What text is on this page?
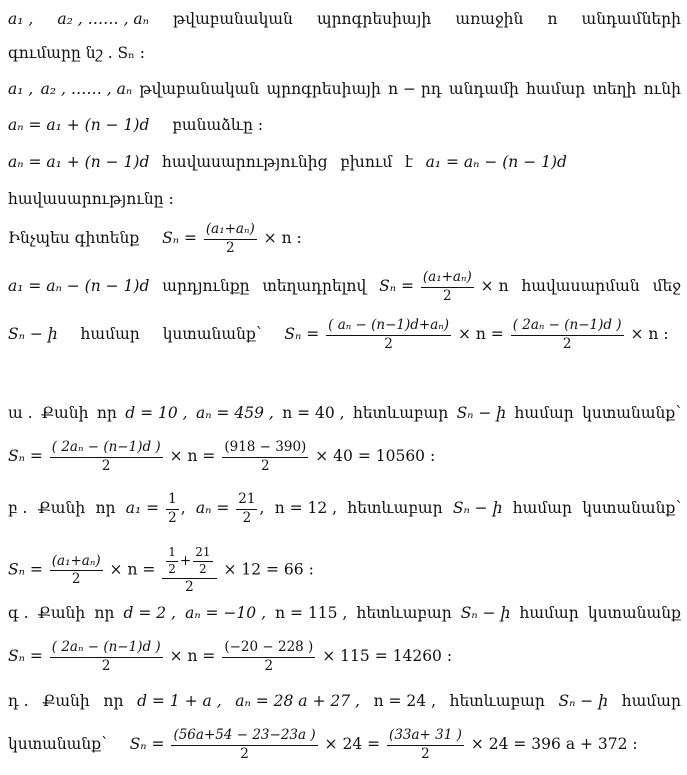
a₁ , a₂ , …… , aₙ թվաբանական պրոգրեսիայի առաջին n անդամների
գումարը նշ . Sₙ :
a₁ , a₂ , …… , aₙ թվաբանական պրոգրեսիայի n − րդ անդամի համար տեղի ունի
aₙ = a₁ + (n − 1)d բանաձևը :
aₙ = a₁ + (n − 1)d հավասարությունից բխում է a₁ = aₙ − (n − 1)d
հավասարությունը :
Ինչպես գիտենք $S_n = \frac{\text{(a₁+aₙ)}}{2} \times n$ :
a₁ = aₙ − (n − 1)d արդյունքը տեղադրելով $S_n = \frac{\text{(a₁+aₙ)}}{2} \times n$ հավասարման մեջ
Sₙ − ի համար կստանանք՝ $S_n = \frac{\text{( aₙ − (n−1)d+aₙ)}}{2} \times n = \frac{\text{( 2aₙ − (n−1)d )}}{2} \times n$ :
ա . Քանի որ d = 10 , aₙ = 459 , n = 40 , հետևաբար Sₙ − ի համար կստանանք՝
$S_n = \frac{\text{( 2aₙ − (n−1)d )}}{2} \times n = \frac{(918 - 390)}{2} \times 40 = 10560$ :
բ . Քանի որ $a_1 = \frac{1}{2}$ , $a_n = \frac{21}{2}$ , n = 12 , հետևաբար Sₙ − ի համար կստանանք՝
$S_n = \frac{\text{(a₁+aₙ)}}{2} \times n = \frac{\frac{1}{2} + \frac{21}{2}}{2} \times 12 = 66$ :
գ . Քանի որ d = 2 , aₙ = −10 , n = 115 , հետևաբար Sₙ − ի համար կստանանք
$S_n = \frac{\text{( 2aₙ − (n−1)d )}}{2} \times n = \frac{(-20 - 228 )}{2} \times 115 = 14260$ :
դ . Քանի որ d = 1 + a , aₙ = 28 a + 27 , n = 24 , հետևաբար Sₙ − ի համար
կստանանք՝ $S_n = \frac{(56a+54 - 23-23a )}{2} \times 24 = \frac{(33a+ 31 )}{2} \times 24 = 396$ a + 372 :
